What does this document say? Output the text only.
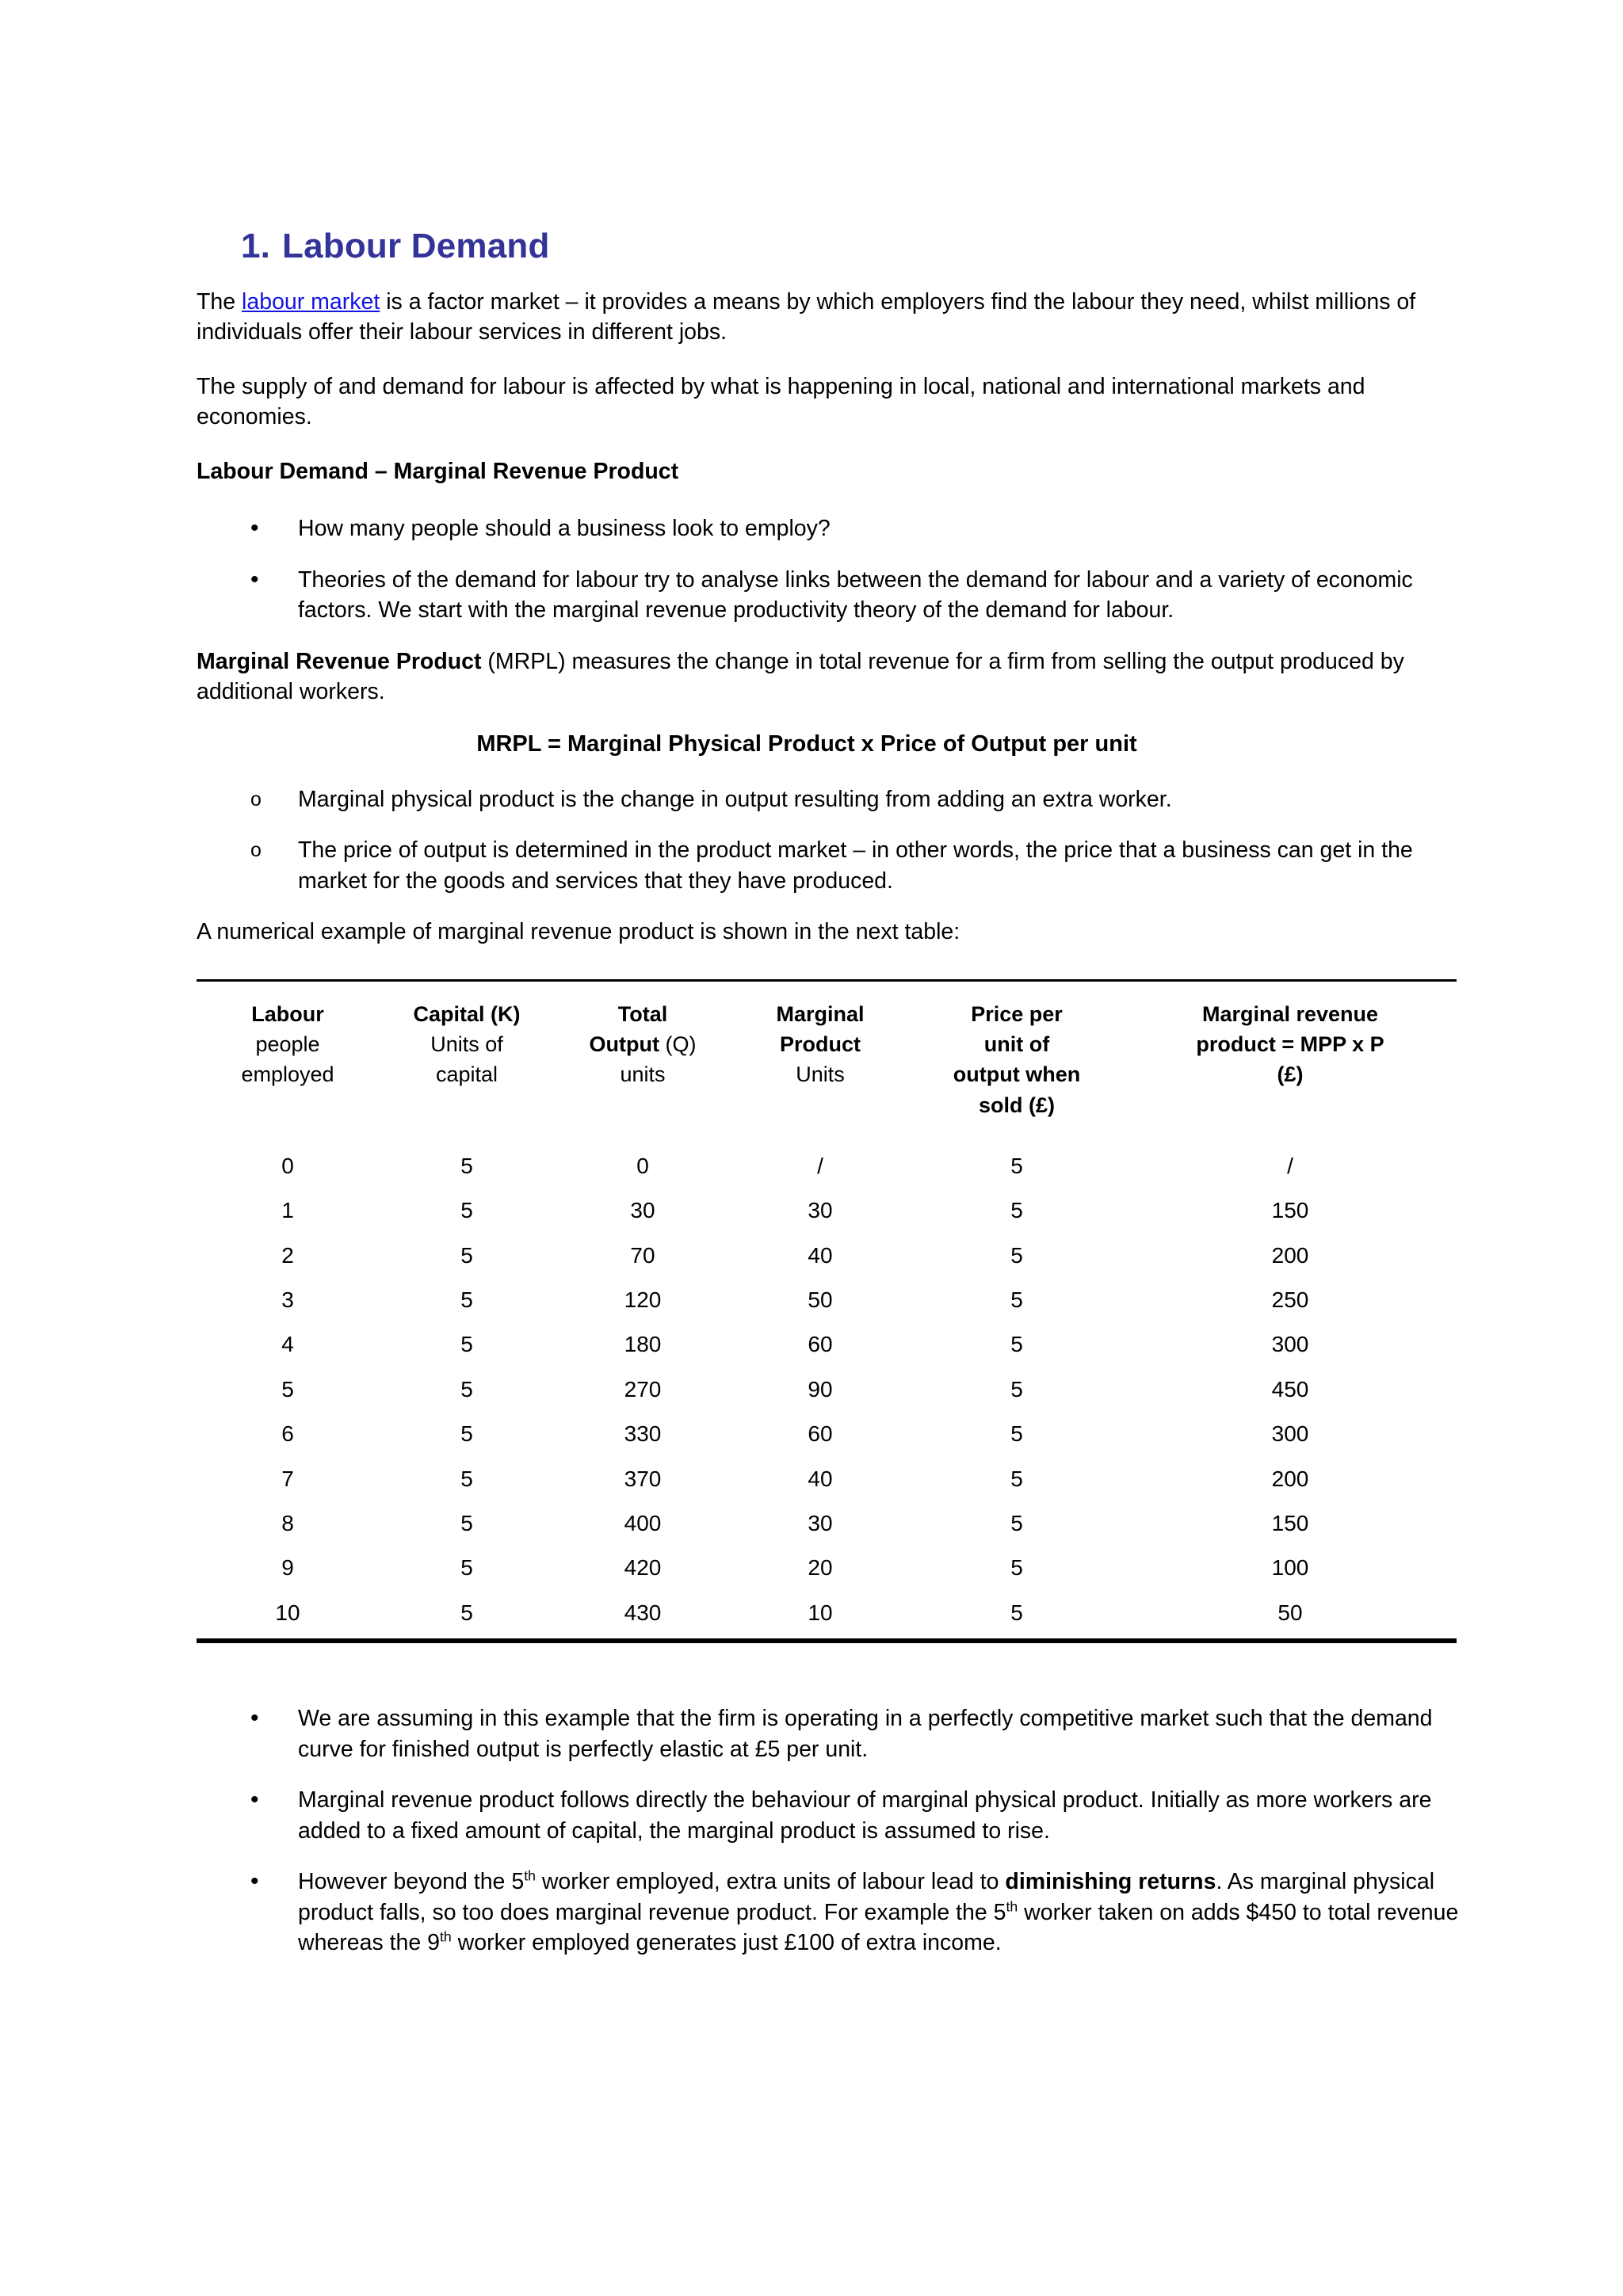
1. Labour Demand

The labour market is a factor market – it provides a means by which employers find the labour they need, whilst millions of individuals offer their labour services in different jobs.

The supply of and demand for labour is affected by what is happening in local, national and international markets and economies.

Labour Demand – Marginal Revenue Product

• How many people should a business look to employ?
• Theories of the demand for labour try to analyse links between the demand for labour and a variety of economic factors. We start with the marginal revenue productivity theory of the demand for labour.

Marginal Revenue Product (MRPL) measures the change in total revenue for a firm from selling the output produced by additional workers.

MRPL = Marginal Physical Product x Price of Output per unit

o Marginal physical product is the change in output resulting from adding an extra worker.
o The price of output is determined in the product market – in other words, the price that a business can get in the market for the goods and services that they have produced.

A numerical example of marginal revenue product is shown in the next table:

Labour
people
employed	Capital (K)
Units of
capital	Total
Output (Q)
units	Marginal
Product
Units	Price per
unit of
output when
sold (£)	Marginal revenue
product = MPP x P
(£)

0	5	0	/	5	/
1	5	30	30	5	150
2	5	70	40	5	200
3	5	120	50	5	250
4	5	180	60	5	300
5	5	270	90	5	450
6	5	330	60	5	300
7	5	370	40	5	200
8	5	400	30	5	150
9	5	420	20	5	100
10	5	430	10	5	50
• We are assuming in this example that the firm is operating in a perfectly competitive market such that the demand curve for finished output is perfectly elastic at £5 per unit.
• Marginal revenue product follows directly the behaviour of marginal physical product. Initially as more workers are added to a fixed amount of capital, the marginal product is assumed to rise.
• However beyond the 5th worker employed, extra units of labour lead to diminishing returns. As marginal physical product falls, so too does marginal revenue product. For example the 5th worker taken on adds $450 to total revenue whereas the 9th worker employed generates just £100 of extra income.
